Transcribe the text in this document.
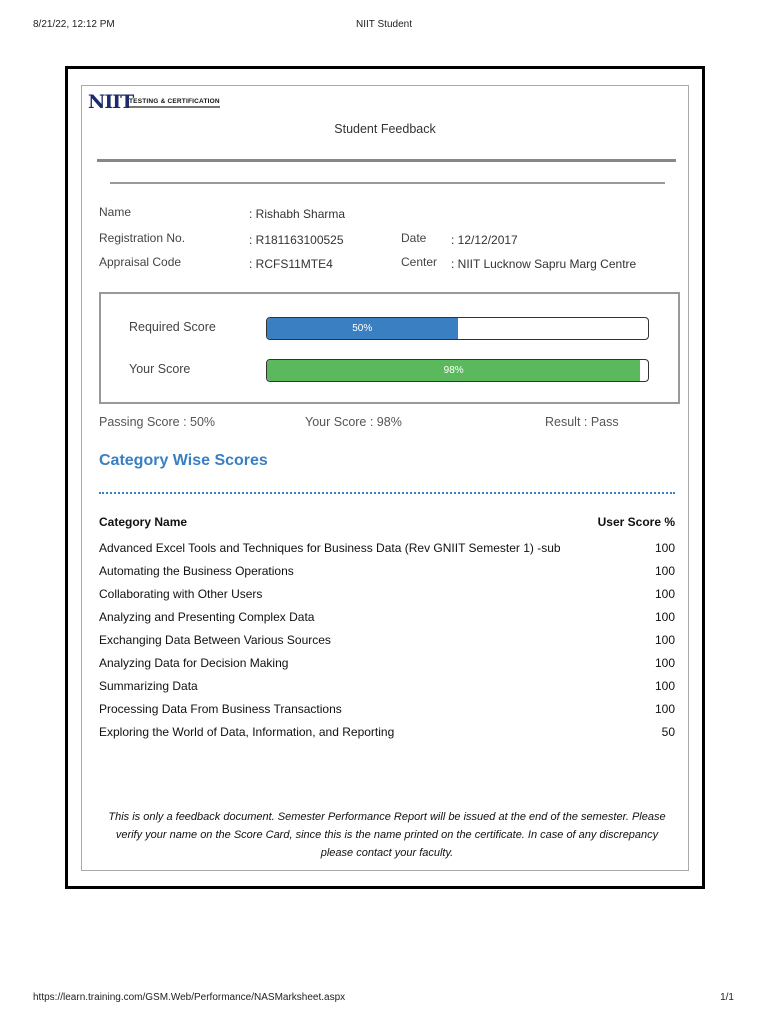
8/21/22, 12:12 PM	NIIT Student
NIIT
TESTING & CERTIFICATION
Student Feedback
Name	: Rishabh Sharma
Registration No.	: R181163100525	Date : 12/12/2017
Appraisal Code	: RCFS11MTE4	Center : NIIT Lucknow Sapru Marg Centre
Required Score	50%
Your Score	98%
Passing Score : 50%	Your Score : 98%	Result : Pass
Category Wise Scores
Category Name	User Score %
Advanced Excel Tools and Techniques for Business Data (Rev GNIIT Semester 1) -sub	100
Automating the Business Operations	100
Collaborating with Other Users	100
Analyzing and Presenting Complex Data	100
Exchanging Data Between Various Sources	100
Analyzing Data for Decision Making	100
Summarizing Data	100
Processing Data From Business Transactions	100
Exploring the World of Data, Information, and Reporting	50
This is only a feedback document. Semester Performance Report will be issued at the end of the semester. Please verify your name on the Score Card, since this is the name printed on the certificate. In case of any discrepancy please contact your faculty.
https://learn.training.com/GSM.Web/Performance/NASMarksheet.aspx	1/1
